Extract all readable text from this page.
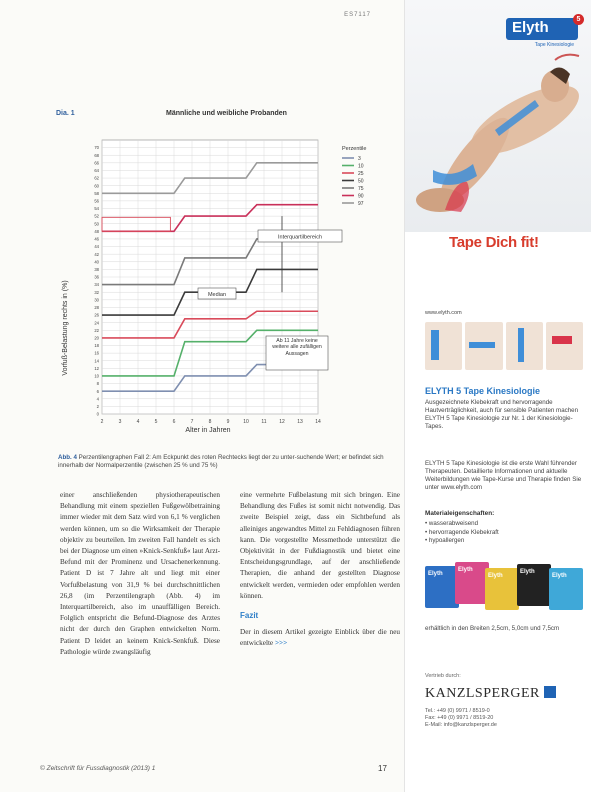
ES7117
Dia. 1	Männliche und weibliche Probanden
2	3	4	5	6	7	8	9	10	11	12 13 14
0
2
4
6
8
10
12
14
16
18
20
22
24
26
28
30
32
34
36
38
40
42
44
46
48
50
52
54
56
58
60
62
64
66
68
70
Vorfuß-Belastung rechts in (%)
Alter in Jahren
Perzentile
3
10
25
50
75
90
97
Interquartilbereich
Median
Ab 11 Jahre keine weitere alle zufälligen Aussagen
Abb. 4 Perzentilengraphen Fall 2: Am Eckpunkt des roten Rechtecks liegt der zu unter-suchende Wert; er befindet sich innerhalb der Normalperzentile (zwischen 25 % und 75 %)
einer anschließenden physiotherapeutischen Behandlung mit einem speziellen Fußgewölbetraining immer wieder mit dem Satz wird von 6,1 % verglichen werden können, um so die Wirksamkeit der Therapie objektiv zu beurteilen. Im zweiten Fall handelt es sich bei der Diagnose um einen »Knick-Senkfuß« laut Arzt-Befund mit der Prominenz und Ursachenerkennung. Patient D ist 7 Jahre alt und liegt mit einer Vorfußbelastung von 31,9 % bei durchschnittlichen 26,8 (im Perzentilengraph (Abb. 4) im Interquartilbereich, also im unauffälligen Bereich. Folglich entspricht die Befund-Diagnose des Arztes nicht der durch den Graphen entwickelten Norm. Patient D leidet an keinem Knick-Senkfuß. Diese Pathologie würde zwangsläufig
eine vermehrte Fußbelastung mit sich bringen. Eine Behandlung des Fußes ist somit nicht notwendig. Das zweite Beispiel zeigt, dass ein Sichtbefund als alleiniges angewandtes Mittel zu Fehldiagnosen führen kann. Die vorgestellte Messmethode unterstützt die Objektivität in der Fußdiagnostik und bietet eine Entscheidungsgrundlage, auf der anschließende Therapien, die anhand der gestellten Diagnose entwickelt werden, vermieden oder empfohlen werden können.
Fazit
Der in diesem Artikel gezeigte Einblick über die neu entwickelte >>>
© Zeitschrift für Fussdiagnostik (2013) 1	17
Elyth	5
Tape Kinesiologie
Tape Dich fit!
www.elyth.com
ELYTH 5 Tape Kinesiologie
Ausgezeichnete Klebekraft und hervorragende Hautverträglichkeit, auch für sensible Patienten machen ELYTH 5 Tape Kinesiologie zur Nr. 1 der Kinesiologie-Tapes.
ELYTH 5 Tape Kinesiologie ist die erste Wahl führender Therapeuten. Detaillierte Informationen und aktuelle Weiterbildungen wie Tape-Kurse und Therapie finden Sie unter www.elyth.com
Materialeigenschaften:
• wasserabweisend
• hervorragende Klebekraft
• hypoallergen
Elyth
Elyth
Elyth
Elyth
Elyth
erhältlich in den Breiten 2,5cm, 5,0cm und 7,5cm
Vertrieb durch:
KANZLSPERGER
Tel.: +49 (0) 9971 / 8519-0
Fax: +49 (0) 9971 / 8519-20
E-Mail: info@kanzlsperger.de
